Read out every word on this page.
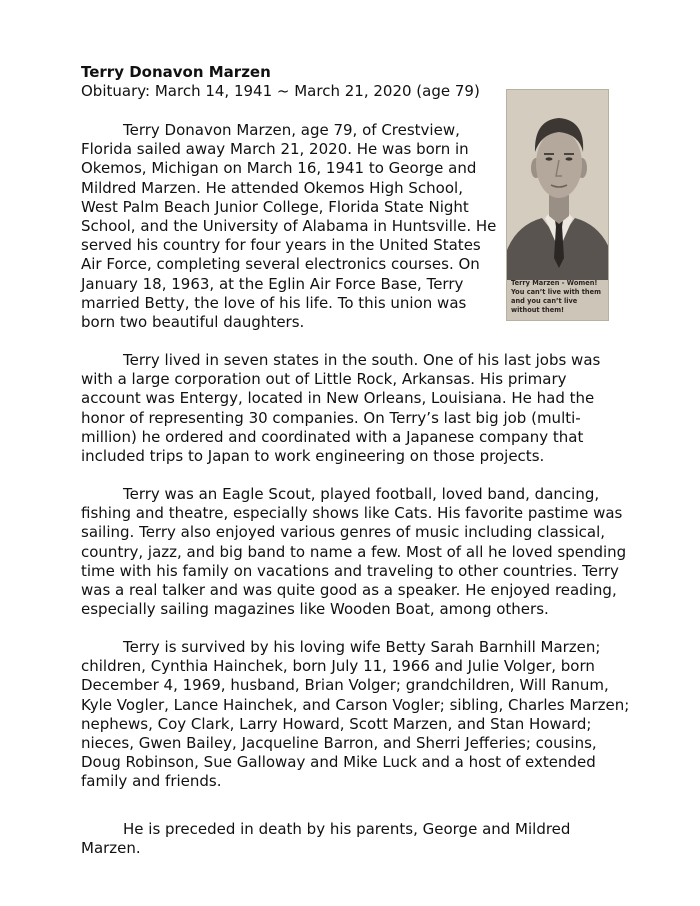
Terry Donavon Marzen
Obituary: March 14, 1941 ~ March 21, 2020 (age 79)

Terry Donavon Marzen, age 79, of Crestview, Florida sailed away March 21, 2020. He was born in Okemos, Michigan on March 16, 1941 to George and Mildred Marzen. He attended Okemos High School, West Palm Beach Junior College, Florida State Night School, and the University of Alabama in Huntsville. He served his country for four years in the United States Air Force, completing several electronics courses. On January 18, 1963, at the Eglin Air Force Base, Terry married Betty, the love of his life. To this union was born two beautiful daughters.

Terry lived in seven states in the south. One of his last jobs was with a large corporation out of Little Rock, Arkansas. His primary account was Entergy, located in New Orleans, Louisiana. He had the honor of representing 30 companies. On Terry’s last big job (multi-million) he ordered and coordinated with a Japanese company that included trips to Japan to work engineering on those projects.

Terry was an Eagle Scout, played football, loved band, dancing, fishing and theatre, especially shows like Cats. His favorite pastime was sailing. Terry also enjoyed various genres of music including classical, country, jazz, and big band to name a few. Most of all he loved spending time with his family on vacations and traveling to other countries. Terry was a real talker and was quite good as a speaker. He enjoyed reading, especially sailing magazines like Wooden Boat, among others.

Terry is survived by his loving wife Betty Sarah Barnhill Marzen; children, Cynthia Hainchek, born July 11, 1966 and Julie Volger, born December 4, 1969, husband, Brian Volger; grandchildren, Will Ranum, Kyle Vogler, Lance Hainchek, and Carson Vogler; sibling, Charles Marzen; nephews, Coy Clark, Larry Howard, Scott Marzen, and Stan Howard; nieces, Gwen Bailey, Jacqueline Barron, and Sherri Jefferies; cousins, Doug Robinson, Sue Galloway and Mike Luck and a host of extended family and friends.

He is preceded in death by his parents, George and Mildred Marzen.

Terry Marzen - Women! You can’t live with them and you can’t live without them!
